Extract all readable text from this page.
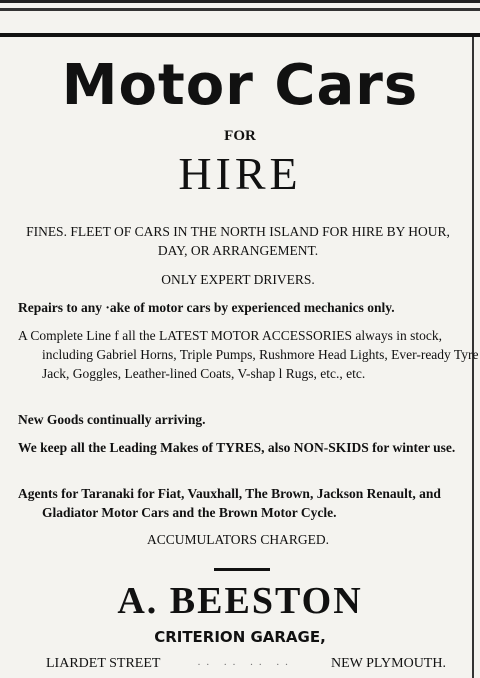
Motor Cars
FOR
HIRE
FINES. FLEET OF CARS IN THE NORTH ISLAND FOR HIRE BY HOUR, DAY, OR ARRANGEMENT.
ONLY EXPERT DRIVERS.
Repairs to any ·ake of motor cars by experienced mechanics only.
A Complete Line f all the LATEST MOTOR ACCESSORIES always in stock, including Gabriel Horns, Triple Pumps, Rushmore Head Lights, Ever-ready Tyre Jack, Goggles, Leather-lined Coats, V-shap l Rugs, etc., etc.
New Goods continually arriving.
We keep all the Leading Makes of TYRES, also NON-SKIDS for winter use.
Agents for Taranaki for Fiat, Vauxhall, The Brown, Jackson Renault, and Gladiator Motor Cars and the Brown Motor Cycle.
ACCUMULATORS CHARGED.
A. BEESTON
CRITERION GARAGE,
LIARDET STREET	.. .. .. ..	NEW PLYMOUTH.
